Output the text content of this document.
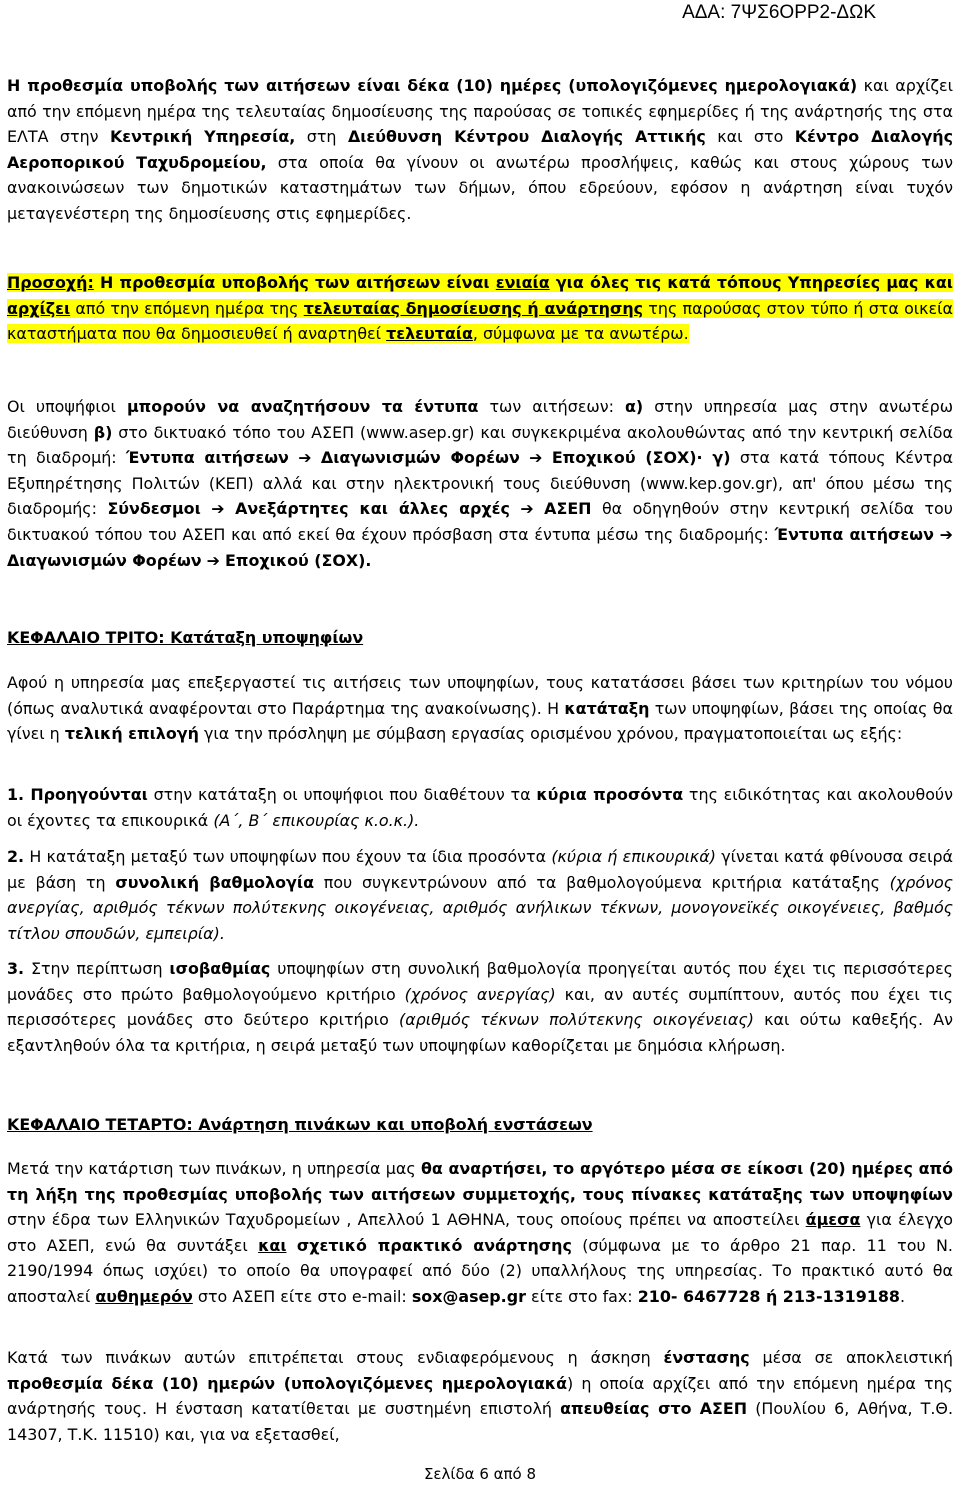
ΑΔΑ: 7ΨΣ6ΟΡΡ2-ΔΩΚ

Η προθεσμία υποβολής των αιτήσεων είναι δέκα (10) ημέρες (υπολογιζόμενες ημερολογιακά) και αρχίζει από την επόμενη ημέρα της τελευταίας δημοσίευσης της παρούσας σε τοπικές εφημερίδες ή της ανάρτησής της στα ΕΛΤΑ στην Κεντρική Υπηρεσία, στη Διεύθυνση Κέντρου Διαλογής Αττικής και στο Κέντρο Διαλογής Αεροπορικού Ταχυδρομείου, στα οποία θα γίνουν οι ανωτέρω προσλήψεις, καθώς και στους χώρους των ανακοινώσεων των δημοτικών καταστημάτων των δήμων, όπου εδρεύουν, εφόσον η ανάρτηση είναι τυχόν μεταγενέστερη της δημοσίευσης στις εφημερίδες.

Προσοχή: Η προθεσμία υποβολής των αιτήσεων είναι ενιαία για όλες τις κατά τόπους Υπηρεσίες μας και αρχίζει από την επόμενη ημέρα της τελευταίας δημοσίευσης ή ανάρτησης της παρούσας στον τύπο ή στα οικεία καταστήματα που θα δημοσιευθεί ή αναρτηθεί τελευταία, σύμφωνα με τα ανωτέρω.

Οι υποψήφιοι μπορούν να αναζητήσουν τα έντυπα των αιτήσεων: α) στην υπηρεσία μας στην ανωτέρω διεύθυνση β) στο δικτυακό τόπο του ΑΣΕΠ (www.asep.gr) και συγκεκριμένα ακολουθώντας από την κεντρική σελίδα τη διαδρομή: Έντυπα αιτήσεων ➔ Διαγωνισμών Φορέων ➔ Εποχικού (ΣΟΧ)· γ) στα κατά τόπους Κέντρα Εξυπηρέτησης Πολιτών (ΚΕΠ) αλλά και στην ηλεκτρονική τους διεύθυνση (www.kep.gov.gr), απ' όπου μέσω της διαδρομής: Σύνδεσμοι ➔ Ανεξάρτητες και άλλες αρχές ➔ ΑΣΕΠ θα οδηγηθούν στην κεντρική σελίδα του δικτυακού τόπου του ΑΣΕΠ και από εκεί θα έχουν πρόσβαση στα έντυπα μέσω της διαδρομής: Έντυπα αιτήσεων ➔ Διαγωνισμών Φορέων ➔ Εποχικού (ΣΟΧ).

ΚΕΦΑΛΑΙΟ ΤΡΙΤΟ: Κατάταξη υποψηφίων

Αφού η υπηρεσία μας επεξεργαστεί τις αιτήσεις των υποψηφίων, τους κατατάσσει βάσει των κριτηρίων του νόμου (όπως αναλυτικά αναφέρονται στο Παράρτημα της ανακοίνωσης). Η κατάταξη των υποψηφίων, βάσει της οποίας θα γίνει η τελική επιλογή για την πρόσληψη με σύμβαση εργασίας ορισμένου χρόνου, πραγματοποιείται ως εξής:

1. Προηγούνται στην κατάταξη οι υποψήφιοι που διαθέτουν τα κύρια προσόντα της ειδικότητας και ακολουθούν οι έχοντες τα επικουρικά (Α΄, Β΄ επικουρίας κ.ο.κ.).

2. Η κατάταξη μεταξύ των υποψηφίων που έχουν τα ίδια προσόντα (κύρια ή επικουρικά) γίνεται κατά φθίνουσα σειρά με βάση τη συνολική βαθμολογία που συγκεντρώνουν από τα βαθμολογούμενα κριτήρια κατάταξης (χρόνος ανεργίας, αριθμός τέκνων πολύτεκνης οικογένειας, αριθμός ανήλικων τέκνων, μονογονεϊκές οικογένειες, βαθμός τίτλου σπουδών, εμπειρία).

3. Στην περίπτωση ισοβαθμίας υποψηφίων στη συνολική βαθμολογία προηγείται αυτός που έχει τις περισσότερες μονάδες στο πρώτο βαθμολογούμενο κριτήριο (χρόνος ανεργίας) και, αν αυτές συμπίπτουν, αυτός που έχει τις περισσότερες μονάδες στο δεύτερο κριτήριο (αριθμός τέκνων πολύτεκνης οικογένειας) και ούτω καθεξής. Αν εξαντληθούν όλα τα κριτήρια, η σειρά μεταξύ των υποψηφίων καθορίζεται με δημόσια κλήρωση.

ΚΕΦΑΛΑΙΟ ΤΕΤΑΡΤΟ: Ανάρτηση πινάκων και υποβολή ενστάσεων

Μετά την κατάρτιση των πινάκων, η υπηρεσία μας θα αναρτήσει, το αργότερο μέσα σε είκοσι (20) ημέρες από τη λήξη της προθεσμίας υποβολής των αιτήσεων συμμετοχής, τους πίνακες κατάταξης των υποψηφίων στην έδρα των Ελληνικών Ταχυδρομείων , Απελλού 1 ΑΘΗΝΑ, τους οποίους πρέπει να αποστείλει άμεσα για έλεγχο στο ΑΣΕΠ, ενώ θα συντάξει και σχετικό πρακτικό ανάρτησης (σύμφωνα με το άρθρο 21 παρ. 11 του Ν. 2190/1994 όπως ισχύει) το οποίο θα υπογραφεί από δύο (2) υπαλλήλους της υπηρεσίας. Το πρακτικό αυτό θα αποσταλεί αυθημερόν στο ΑΣΕΠ είτε στο e-mail: sox@asep.gr είτε στο fax: 210- 6467728 ή 213-1319188.

Κατά των πινάκων αυτών επιτρέπεται στους ενδιαφερόμενους η άσκηση ένστασης μέσα σε αποκλειστική προθεσμία δέκα (10) ημερών (υπολογιζόμενες ημερολογιακά) η οποία αρχίζει από την επόμενη ημέρα της ανάρτησής τους. Η ένσταση κατατίθεται με συστημένη επιστολή απευθείας στο ΑΣΕΠ (Πουλίου 6, Αθήνα, Τ.Θ. 14307, Τ.Κ. 11510) και, για να εξετασθεί,

Σελίδα 6 από 8
